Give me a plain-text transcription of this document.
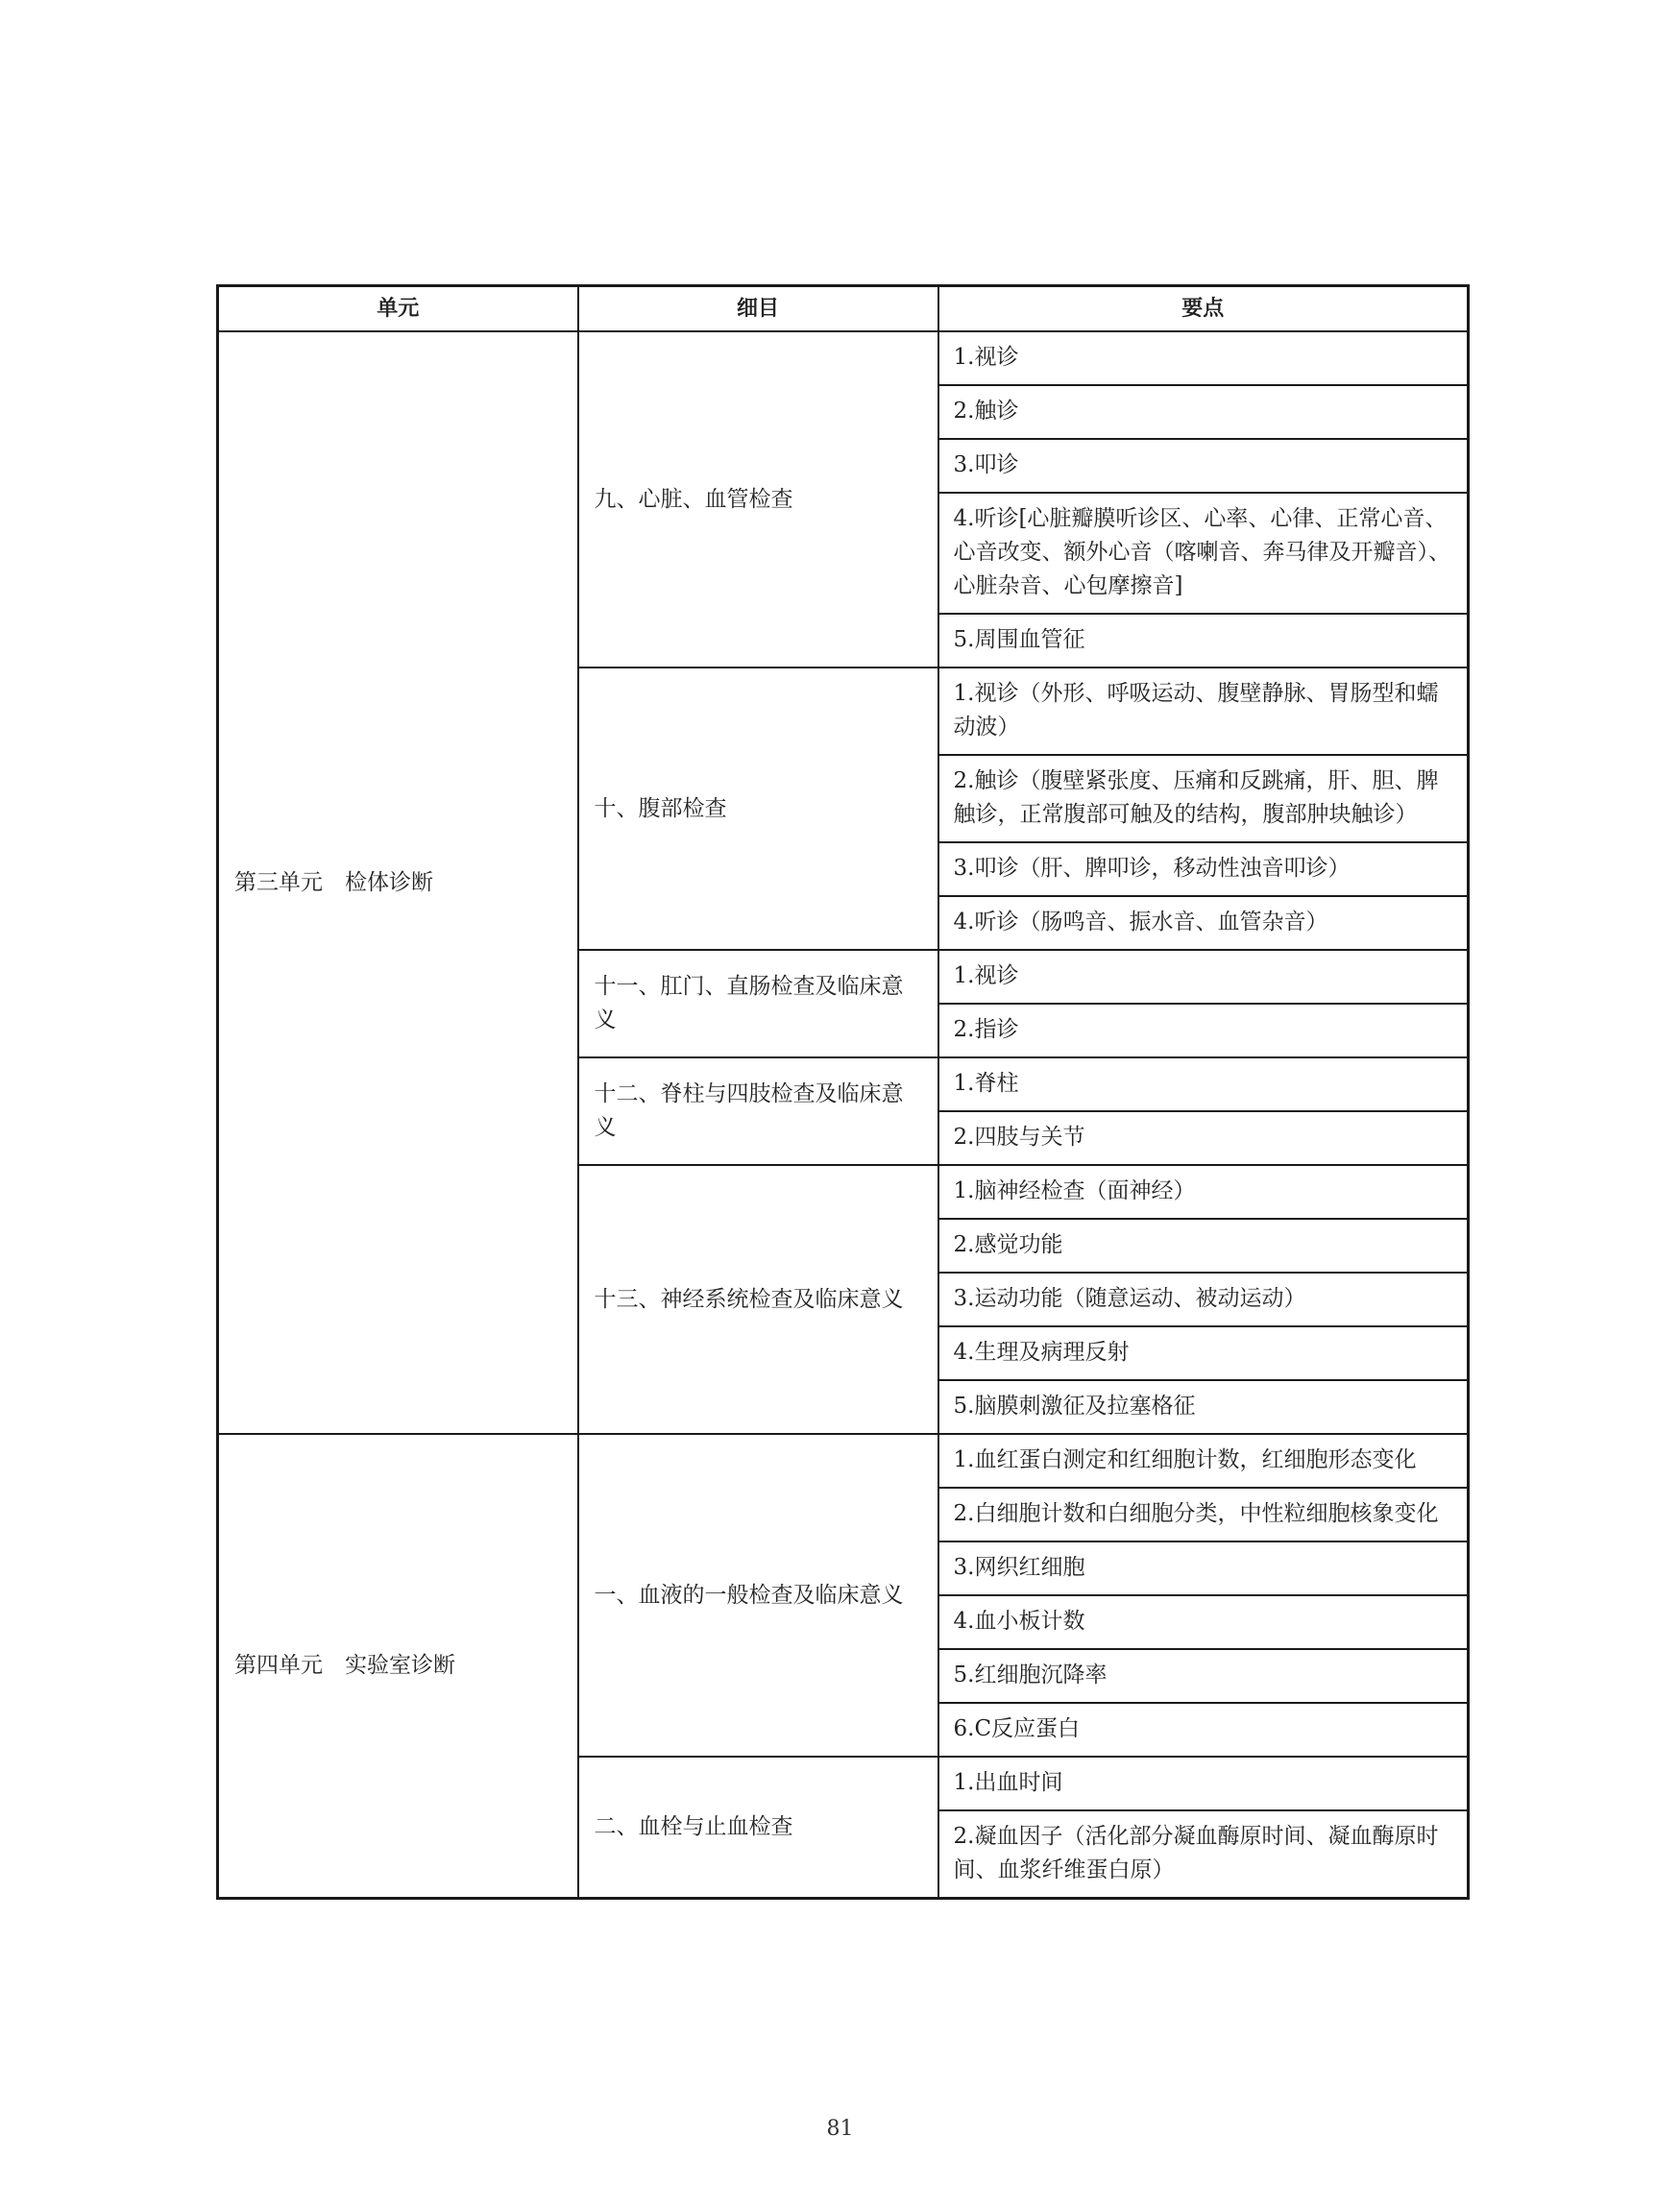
单元	细目	要点
第三单元　检体诊断	九、心脏、血管检查	1.视诊
		2.触诊
		3.叩诊
		4.听诊[心脏瓣膜听诊区、心率、心律、正常心音、心音改变、额外心音（喀喇音、奔马律及开瓣音）、心脏杂音、心包摩擦音]
		5.周围血管征
	十、腹部检查	1.视诊（外形、呼吸运动、腹壁静脉、胃肠型和蠕动波）
		2.触诊（腹壁紧张度、压痛和反跳痛，肝、胆、脾触诊，正常腹部可触及的结构，腹部肿块触诊）
		3.叩诊（肝、脾叩诊，移动性浊音叩诊）
		4.听诊（肠鸣音、振水音、血管杂音）
	十一、肛门、直肠检查及临床意义	1.视诊
		2.指诊
	十二、脊柱与四肢检查及临床意义	1.脊柱
		2.四肢与关节
	十三、神经系统检查及临床意义	1.脑神经检查（面神经）
		2.感觉功能
		3.运动功能（随意运动、被动运动）
		4.生理及病理反射
		5.脑膜刺激征及拉塞格征
第四单元　实验室诊断	一、血液的一般检查及临床意义	1.血红蛋白测定和红细胞计数，红细胞形态变化
		2.白细胞计数和白细胞分类，中性粒细胞核象变化
		3.网织红细胞
		4.血小板计数
		5.红细胞沉降率
		6.C反应蛋白
	二、血栓与止血检查	1.出血时间
		2.凝血因子（活化部分凝血酶原时间、凝血酶原时间、血浆纤维蛋白原）
81
